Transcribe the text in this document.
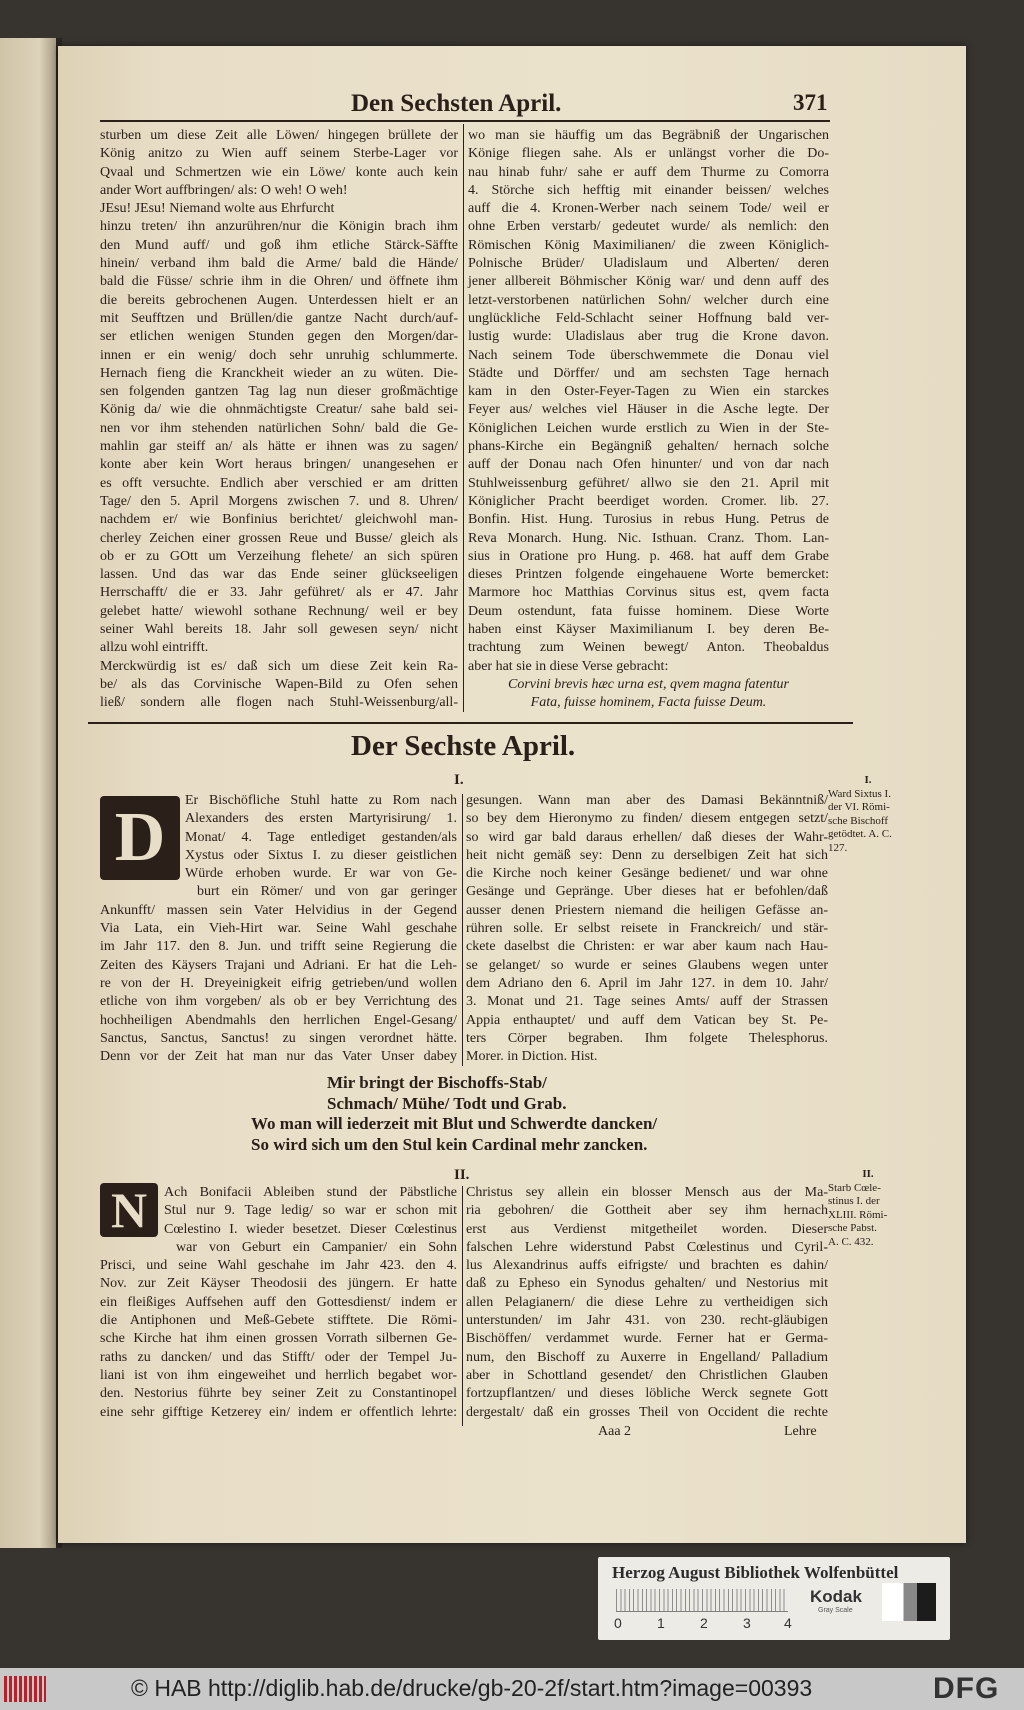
Den Sechsten April.	371
sturben um diese Zeit alle Löwen/ hingegen brüllete der
König anitzo zu Wien auff seinem Sterbe-Lager vor
Qvaal und Schmertzen wie ein Löwe/ konte auch kein
ander Wort auffbringen/ als: O weh! O weh!
JEsu! JEsu! Niemand wolte aus Ehrfurcht
hinzu treten/ ihn anzurühren/nur die Königin brach ihm
den Mund auff/ und goß ihm etliche Stärck-Säffte
hinein/ verband ihm bald die Arme/ bald die Hände/
bald die Füsse/ schrie ihm in die Ohren/ und öffnete ihm
die bereits gebrochenen Augen. Unterdessen hielt er an
mit Seufftzen und Brüllen/die gantze Nacht durch/auf-
ser etlichen wenigen Stunden gegen den Morgen/dar-
innen er ein wenig/ doch sehr unruhig schlummerte.
Hernach fieng die Kranckheit wieder an zu wüten. Die-
sen folgenden gantzen Tag lag nun dieser großmächtige
König da/ wie die ohnmächtigste Creatur/ sahe bald sei-
nen vor ihm stehenden natürlichen Sohn/ bald die Ge-
mahlin gar steiff an/ als hätte er ihnen was zu sagen/
konte aber kein Wort heraus bringen/ unangesehen er
es offt versuchte. Endlich aber verschied er am dritten
Tage/ den 5. April Morgens zwischen 7. und 8. Uhren/
nachdem er/ wie Bonfinius berichtet/ gleichwohl man-
cherley Zeichen einer grossen Reue und Busse/ gleich als
ob er zu GOtt um Verzeihung flehete/ an sich spüren
lassen. Und das war das Ende seiner glückseeligen
Herrschafft/ die er 33. Jahr geführet/ als er 47. Jahr
gelebet hatte/ wiewohl sothane Rechnung/ weil er bey
seiner Wahl bereits 18. Jahr soll gewesen seyn/ nicht
allzu wohl eintrifft.
Merckwürdig ist es/ daß sich um diese Zeit kein Ra-
be/ als das Corvinische Wapen-Bild zu Ofen sehen
ließ/ sondern alle flogen nach Stuhl-Weissenburg/all-
wo man sie häuffig um das Begräbniß der Ungarischen
Könige fliegen sahe. Als er unlängst vorher die Do-
nau hinab fuhr/ sahe er auff dem Thurme zu Comorra
4. Störche sich hefftig mit einander beissen/ welches
auff die 4. Kronen-Werber nach seinem Tode/ weil er
ohne Erben verstarb/ gedeutet wurde/ als nemlich: den
Römischen König Maximilianen/ die zween Königlich-
Polnische Brüder/ Uladislaum und Alberten/ deren
jener allbereit Böhmischer König war/ und denn auff des
letzt-verstorbenen natürlichen Sohn/ welcher durch eine
unglückliche Feld-Schlacht seiner Hoffnung bald ver-
lustig wurde: Uladislaus aber trug die Krone davon.
Nach seinem Tode überschwemmete die Donau viel
Städte und Dörffer/ und am sechsten Tage hernach
kam in den Oster-Feyer-Tagen zu Wien ein starckes
Feyer aus/ welches viel Häuser in die Asche legte. Der
Königlichen Leichen wurde erstlich zu Wien in der Ste-
phans-Kirche ein Begängniß gehalten/ hernach solche
auff der Donau nach Ofen hinunter/ und von dar nach
Stuhlweissenburg geführet/ allwo sie den 21. April mit
Königlicher Pracht beerdiget worden. Cromer. lib. 27.
Bonfin. Hist. Hung. Turosius in rebus Hung. Petrus de
Reva Monarch. Hung. Nic. Isthuan. Cranz. Thom. Lan-
sius in Oratione pro Hung. p. 468. hat auff dem Grabe
dieses Printzen folgende eingehauene Worte bemercket:
Marmore hoc Matthias Corvinus situs est, qvem facta
Deum ostendunt, fata fuisse hominem. Diese Worte
haben einst Käyser Maximilianum I. bey deren Be-
trachtung zum Weinen bewegt/ Anton. Theobaldus
aber hat sie in diese Verse gebracht:
Corvini brevis hæc urna est, qvem magna fatentur
Fata, fuisse hominem, Facta fuisse Deum.
Der Sechste April.
I.
D	Er Bischöfliche Stuhl hatte zu Rom nach
Alexanders des ersten Martyrisirung/ 1.
Monat/ 4. Tage entlediget gestanden/als
Xystus oder Sixtus I. zu dieser geistlichen
Würde erhoben wurde. Er war von Ge-
burt ein Römer/ und von gar geringer
Ankunfft/ massen sein Vater Helvidius in der Gegend
Via Lata, ein Vieh-Hirt war. Seine Wahl geschahe
im Jahr 117. den 8. Jun. und trifft seine Regierung die
Zeiten des Käysers Trajani und Adriani. Er hat die Leh-
re von der H. Dreyeinigkeit eifrig getrieben/und wollen
etliche von ihm vorgeben/ als ob er bey Verrichtung des
hochheiligen Abendmahls den herrlichen Engel-Gesang/
Sanctus, Sanctus, Sanctus! zu singen verordnet hätte.
Denn vor der Zeit hat man nur das Vater Unser dabey
gesungen. Wann man aber des Damasi Bekänntniß/
so bey dem Hieronymo zu finden/ diesem entgegen setzt/
so wird gar bald daraus erhellen/ daß dieses der Wahr-
heit nicht gemäß sey: Denn zu derselbigen Zeit hat sich
die Kirche noch keiner Gesänge bedienet/ und war ohne
Gesänge und Gepränge. Uber dieses hat er befohlen/daß
ausser denen Priestern niemand die heiligen Gefässe an-
rühren solle. Er selbst reisete in Franckreich/ und stär-
ckete daselbst die Christen: er war aber kaum nach Hau-
se gelanget/ so wurde er seines Glaubens wegen unter
dem Adriano den 6. April im Jahr 127. in dem 10. Jahr/
3. Monat und 21. Tage seines Amts/ auff der Strassen
Appia enthauptet/ und auff dem Vatican bey St. Pe-
ters Cörper begraben. Ihm folgete Thelesphorus.
Morer. in Diction. Hist.
I.
Ward Sixtus I.
der VI. Römi-
sche Bischoff
getödtet. A. C.
127.
Mir bringt der Bischoffs-Stab/
Schmach/ Mühe/ Todt und Grab.
Wo man will iederzeit mit Blut und Schwerdte dancken/
So wird sich um den Stul kein Cardinal mehr zancken.
II.
N	Ach Bonifacii Ableiben stund der Päbstliche
Stul nur 9. Tage ledig/ so war er schon mit
Cœlestino I. wieder besetzet. Dieser Cœlestinus
war von Geburt ein Campanier/ ein Sohn
Prisci, und seine Wahl geschahe im Jahr 423. den 4.
Nov. zur Zeit Käyser Theodosii des jüngern. Er hatte
ein fleißiges Auffsehen auff den Gottesdienst/ indem er
die Antiphonen und Meß-Gebete stifftete. Die Römi-
sche Kirche hat ihm einen grossen Vorrath silbernen Ge-
raths zu dancken/ und das Stifft/ oder der Tempel Ju-
liani ist von ihm eingeweihet und herrlich begabet wor-
den. Nestorius führte bey seiner Zeit zu Constantinopel
eine sehr gifftige Ketzerey ein/ indem er offentlich lehrte:
Christus sey allein ein blosser Mensch aus der Ma-
ria gebohren/ die Gottheit aber sey ihm hernach
erst aus Verdienst mitgetheilet worden. Dieser
falschen Lehre widerstund Pabst Cœlestinus und Cyril-
lus Alexandrinus auffs eifrigste/ und brachten es dahin/
daß zu Epheso ein Synodus gehalten/ und Nestorius mit
allen Pelagianern/ die diese Lehre zu vertheidigen sich
unterstunden/ im Jahr 431. von 230. recht-gläubigen
Bischöffen/ verdammet wurde. Ferner hat er Germa-
num, den Bischoff zu Auxerre in Engelland/ Palladium
aber in Schottland gesendet/ den Christlichen Glauben
fortzupflantzen/ und dieses löbliche Werck segnete Gott
dergestalt/ daß ein grosses Theil von Occident die rechte
II.
Starb Cœle-
stinus I. der
XLIII. Römi-
sche Pabst.
A. C. 432.
Aaa 2	Lehre
Herzog August Bibliothek Wolfenbüttel
0	1	2	3 4
Kodak
Gray Scale
© HAB http://diglib.hab.de/drucke/gb-20-2f/start.htm?image=00393	DFG
